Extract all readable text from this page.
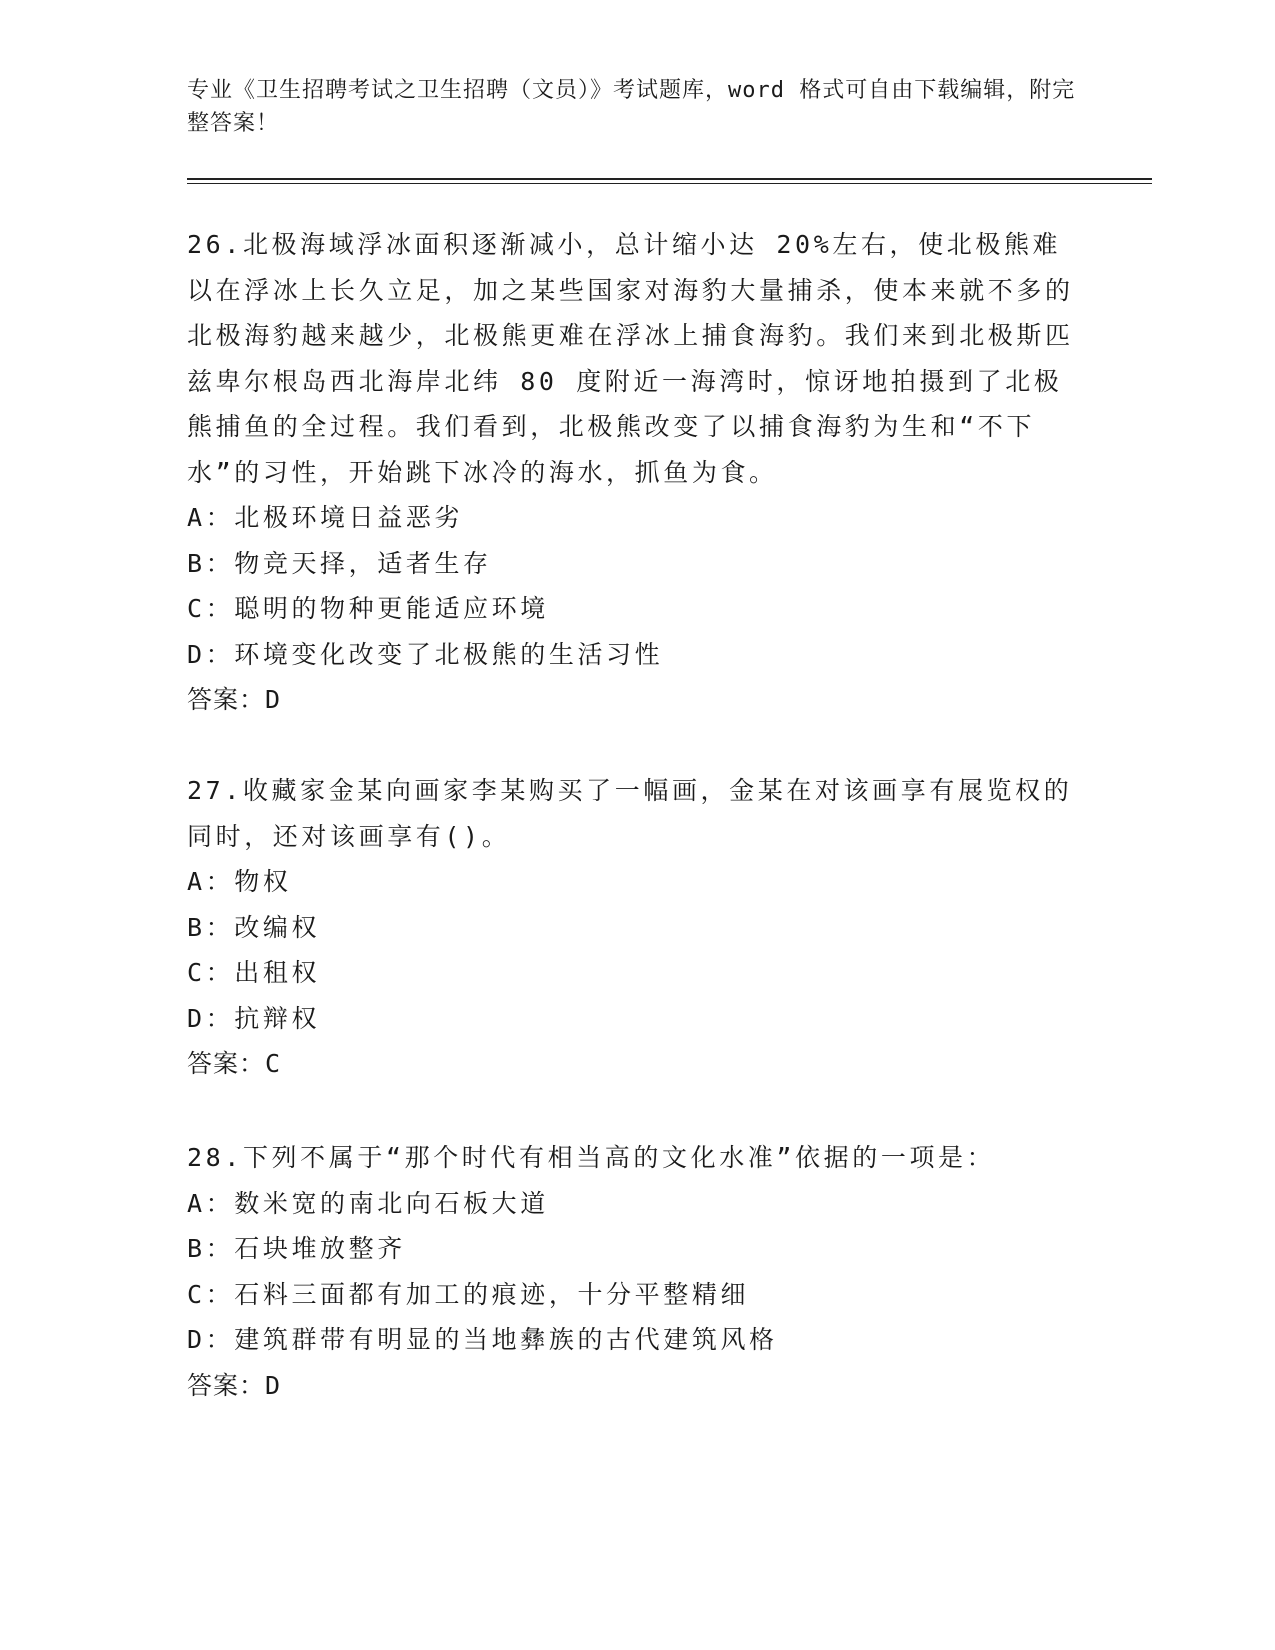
专业《卫生招聘考试之卫生招聘（文员）》考试题库，word 格式可自由下载编辑，附完整答案！

26.北极海域浮冰面积逐渐减小，总计缩小达 20%左右，使北极熊难以在浮冰上长久立足，加之某些国家对海豹大量捕杀，使本来就不多的北极海豹越来越少，北极熊更难在浮冰上捕食海豹。我们来到北极斯匹兹卑尔根岛西北海岸北纬 80 度附近一海湾时，惊讶地拍摄到了北极熊捕鱼的全过程。我们看到，北极熊改变了以捕食海豹为生和“不下水”的习性，开始跳下冰冷的海水，抓鱼为食。

A：北极环境日益恶劣

B：物竞天择，适者生存

C：聪明的物种更能适应环境

D：环境变化改变了北极熊的生活习性

答案：D

27.收藏家金某向画家李某购买了一幅画，金某在对该画享有展览权的同时，还对该画享有()。

A：物权

B：改编权

C：出租权

D：抗辩权

答案：C

28.下列不属于“那个时代有相当高的文化水准”依据的一项是：

A：数米宽的南北向石板大道

B：石块堆放整齐

C：石料三面都有加工的痕迹，十分平整精细

D：建筑群带有明显的当地彝族的古代建筑风格

答案：D
